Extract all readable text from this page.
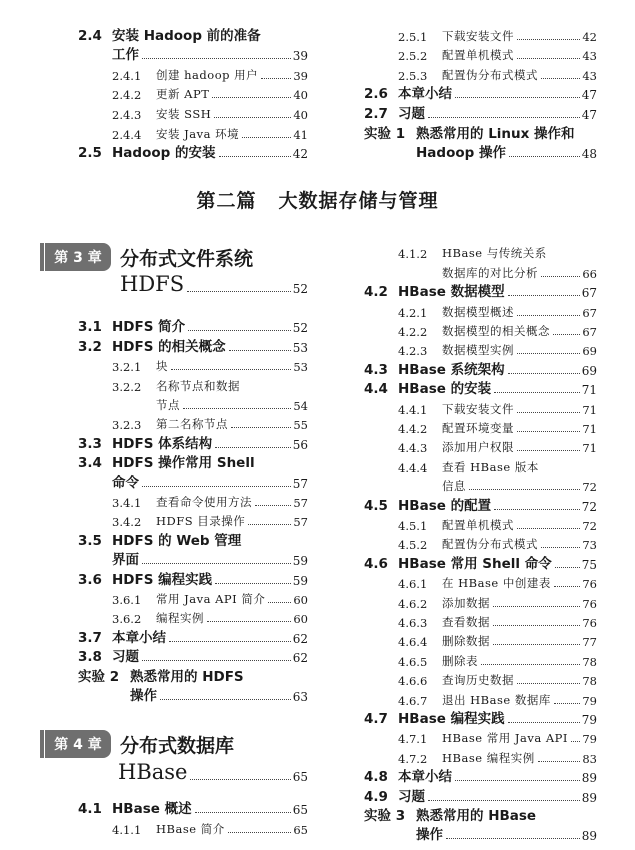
第二篇 大数据存储与管理
第 3 章 分布式文件系统
HDFS	52
第 4 章 分布式数据库
HBase	65
2.4 安装 Hadoop 前的准备
工作	39
2.4.1	创建 hadoop 用户	39
2.4.2	更新 APT	40
2.4.3	安装 SSH	40
2.4.4	安装 Java 环境	41
2.5 Hadoop 的安装	42
2.5.1	下载安装文件	42
2.5.2	配置单机模式	43
2.5.3	配置伪分布式模式	43
2.6 本章小结	47
2.7 习题	47
实验 1 熟悉常用的 Linux 操作和
Hadoop 操作	48
3.1 HDFS 简介	52
3.2 HDFS 的相关概念	53
3.2.1	块	53
3.2.2	名称节点和数据
节点	54
3.2.3	第二名称节点	55
3.3 HDFS 体系结构	56
3.4 HDFS 操作常用 Shell
命令	57
3.4.1	查看命令使用方法	57
3.4.2	HDFS 目录操作	57
3.5 HDFS 的 Web 管理
界面	59
3.6 HDFS 编程实践	59
3.6.1	常用 Java API 简介 60
3.6.2	编程实例	60
3.7 本章小结	62
3.8 习题	62
实验 2 熟悉常用的 HDFS
操作	63
4.1 HBase 概述	65
4.1.1	HBase 简介	65
4.1.2	HBase 与传统关系
数据库的对比分析	66
4.2 HBase 数据模型	67
4.2.1	数据模型概述	67
4.2.2	数据模型的相关概念	67
4.2.3	数据模型实例	69
4.3 HBase 系统架构	69
4.4 HBase 的安装	71
4.4.1	下载安装文件	71
4.4.2	配置环境变量	71
4.4.3	添加用户权限	71
4.4.4	查看 HBase 版本
信息	72
4.5 HBase 的配置	72
4.5.1	配置单机模式	72
4.5.2	配置伪分布式模式	73
4.6 HBase 常用 Shell 命令 75
4.6.1	在 HBase 中创建表	76
4.6.2	添加数据	76
4.6.3	查看数据	76
4.6.4	删除数据	77
4.6.5	删除表	78
4.6.6	查询历史数据	78
4.6.7	退出 HBase 数据库	79
4.7 HBase 编程实践	79
4.7.1	HBase 常用 Java API 79
4.7.2	HBase 编程实例	83
4.8 本章小结	89
4.9 习题	89
实验 3 熟悉常用的 HBase
操作	89
